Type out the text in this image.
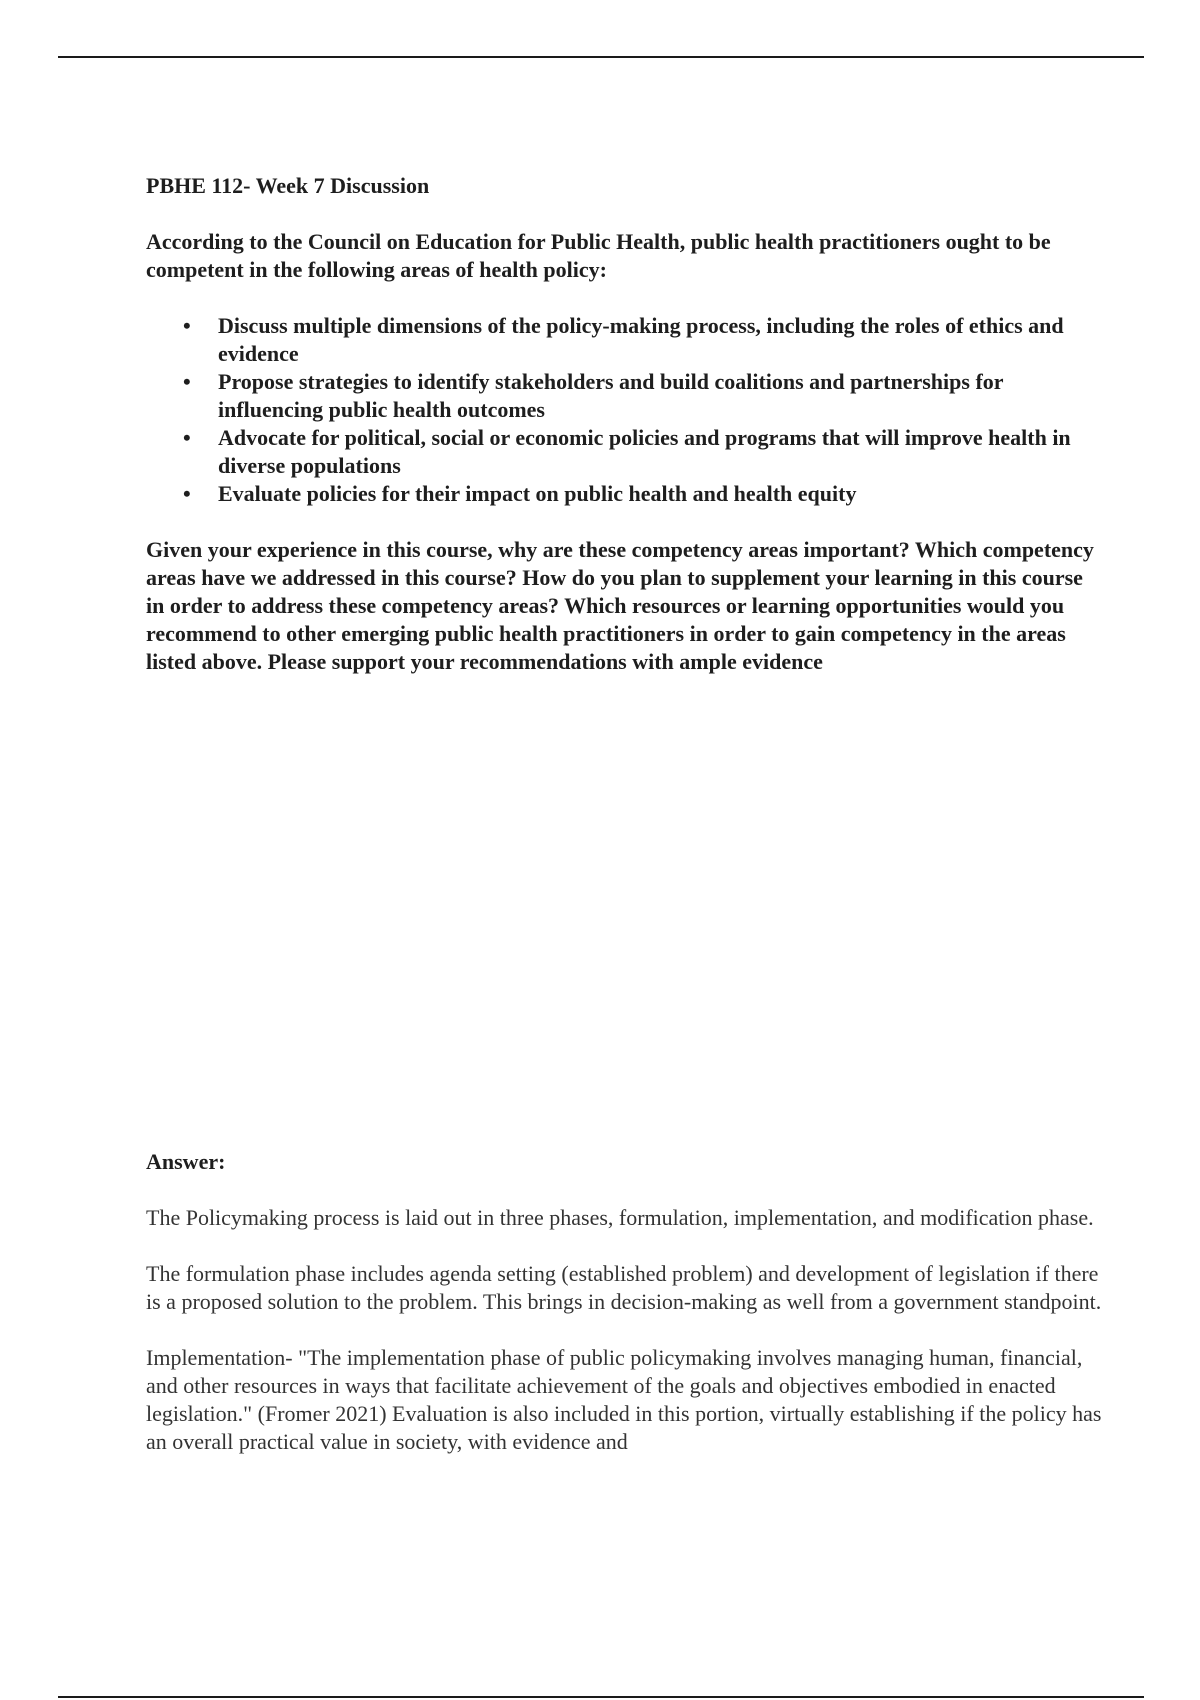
PBHE 112- Week 7 Discussion

According to the Council on Education for Public Health, public health practitioners ought to be competent in the following areas of health policy:

• Discuss multiple dimensions of the policy-making process, including the roles of ethics and evidence
• Propose strategies to identify stakeholders and build coalitions and partnerships for influencing public health outcomes
• Advocate for political, social or economic policies and programs that will improve health in diverse populations
• Evaluate policies for their impact on public health and health equity

Given your experience in this course, why are these competency areas important? Which competency areas have we addressed in this course? How do you plan to supplement your learning in this course in order to address these competency areas? Which resources or learning opportunities would you recommend to other emerging public health practitioners in order to gain competency in the areas listed above. Please support your recommendations with ample evidence

Answer:

The Policymaking process is laid out in three phases, formulation, implementation, and modification phase.

The formulation phase includes agenda setting (established problem) and development of legislation if there is a proposed solution to the problem. This brings in decision-making as well from a government standpoint.

Implementation- "The implementation phase of public policymaking involves managing human, financial, and other resources in ways that facilitate achievement of the goals and objectives embodied in enacted legislation." (Fromer 2021) Evaluation is also included in this portion, virtually establishing if the policy has an overall practical value in society, with evidence and
